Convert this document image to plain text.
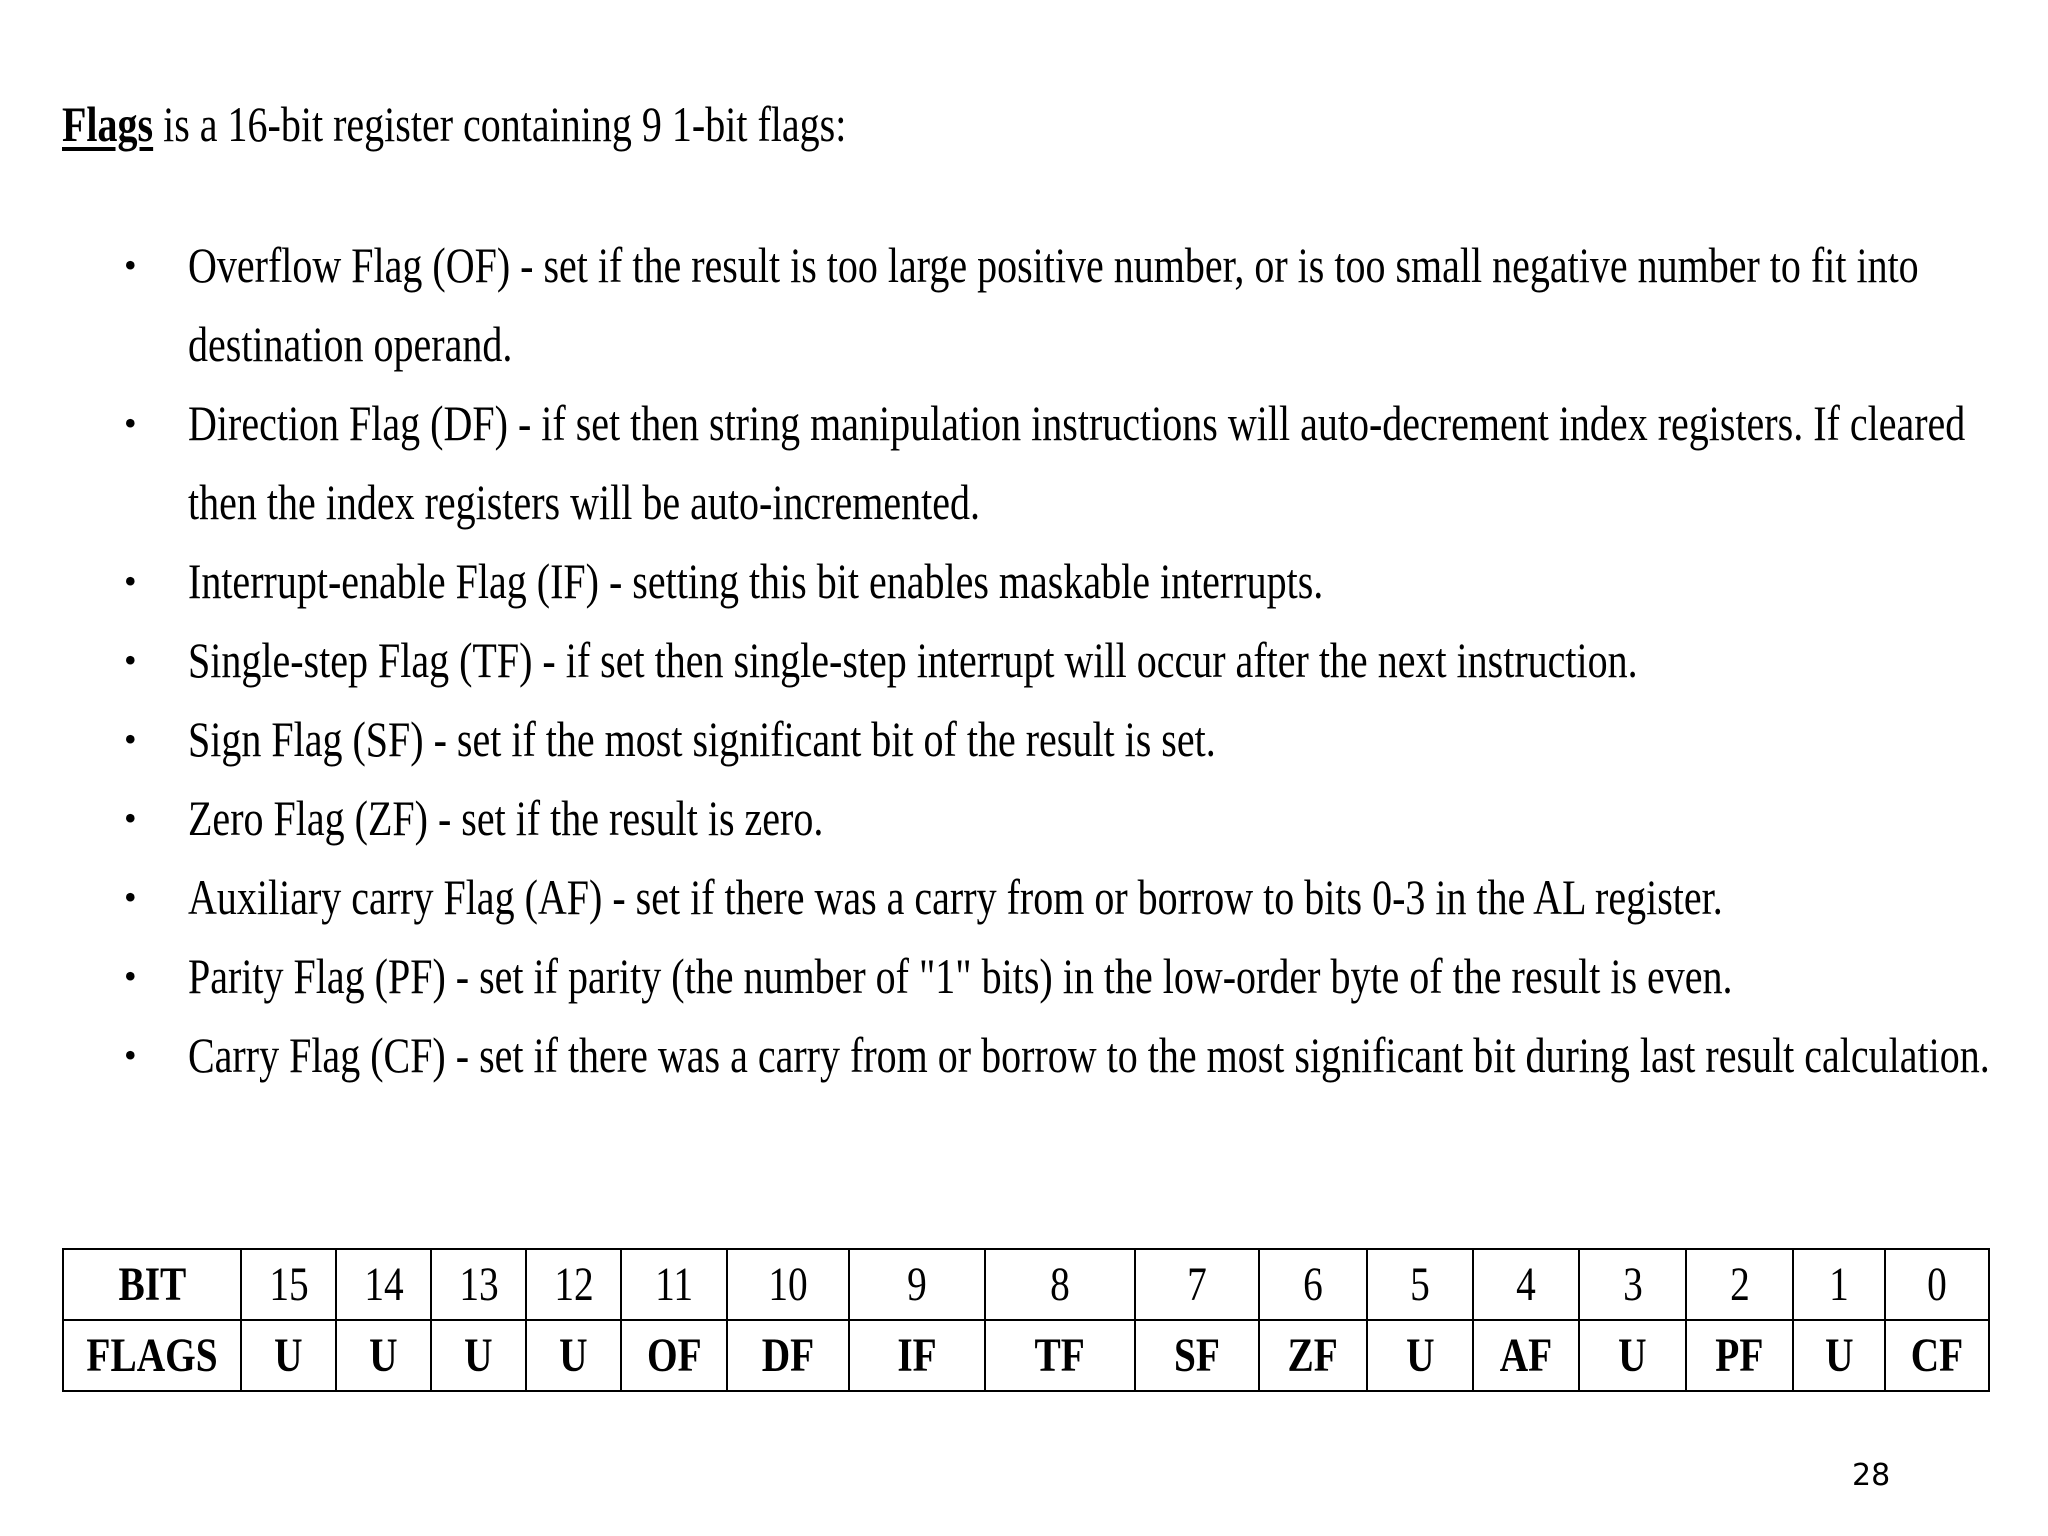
Flags is a 16-bit register containing 9 1-bit flags:
• Overflow Flag (OF) - set if the result is too large positive number, or is too small negative number to fit into destination operand.
• Direction Flag (DF) - if set then string manipulation instructions will auto-decrement index registers. If cleared then the index registers will be auto-incremented.
• Interrupt-enable Flag (IF) - setting this bit enables maskable interrupts.
• Single-step Flag (TF) - if set then single-step interrupt will occur after the next instruction.
• Sign Flag (SF) - set if the most significant bit of the result is set.
• Zero Flag (ZF) - set if the result is zero.
• Auxiliary carry Flag (AF) - set if there was a carry from or borrow to bits 0-3 in the AL register.
• Parity Flag (PF) - set if parity (the number of "1" bits) in the low-order byte of the result is even.
• Carry Flag (CF) - set if there was a carry from or borrow to the most significant bit during last result calculation.
BIT	15	14	13	12	11	10	9	8	7	6	5	4	3	2	1	0
FLAGS	U	U	U	U	OF	DF	IF	TF	SF	ZF	U	AF	U	PF	U	CF
28
